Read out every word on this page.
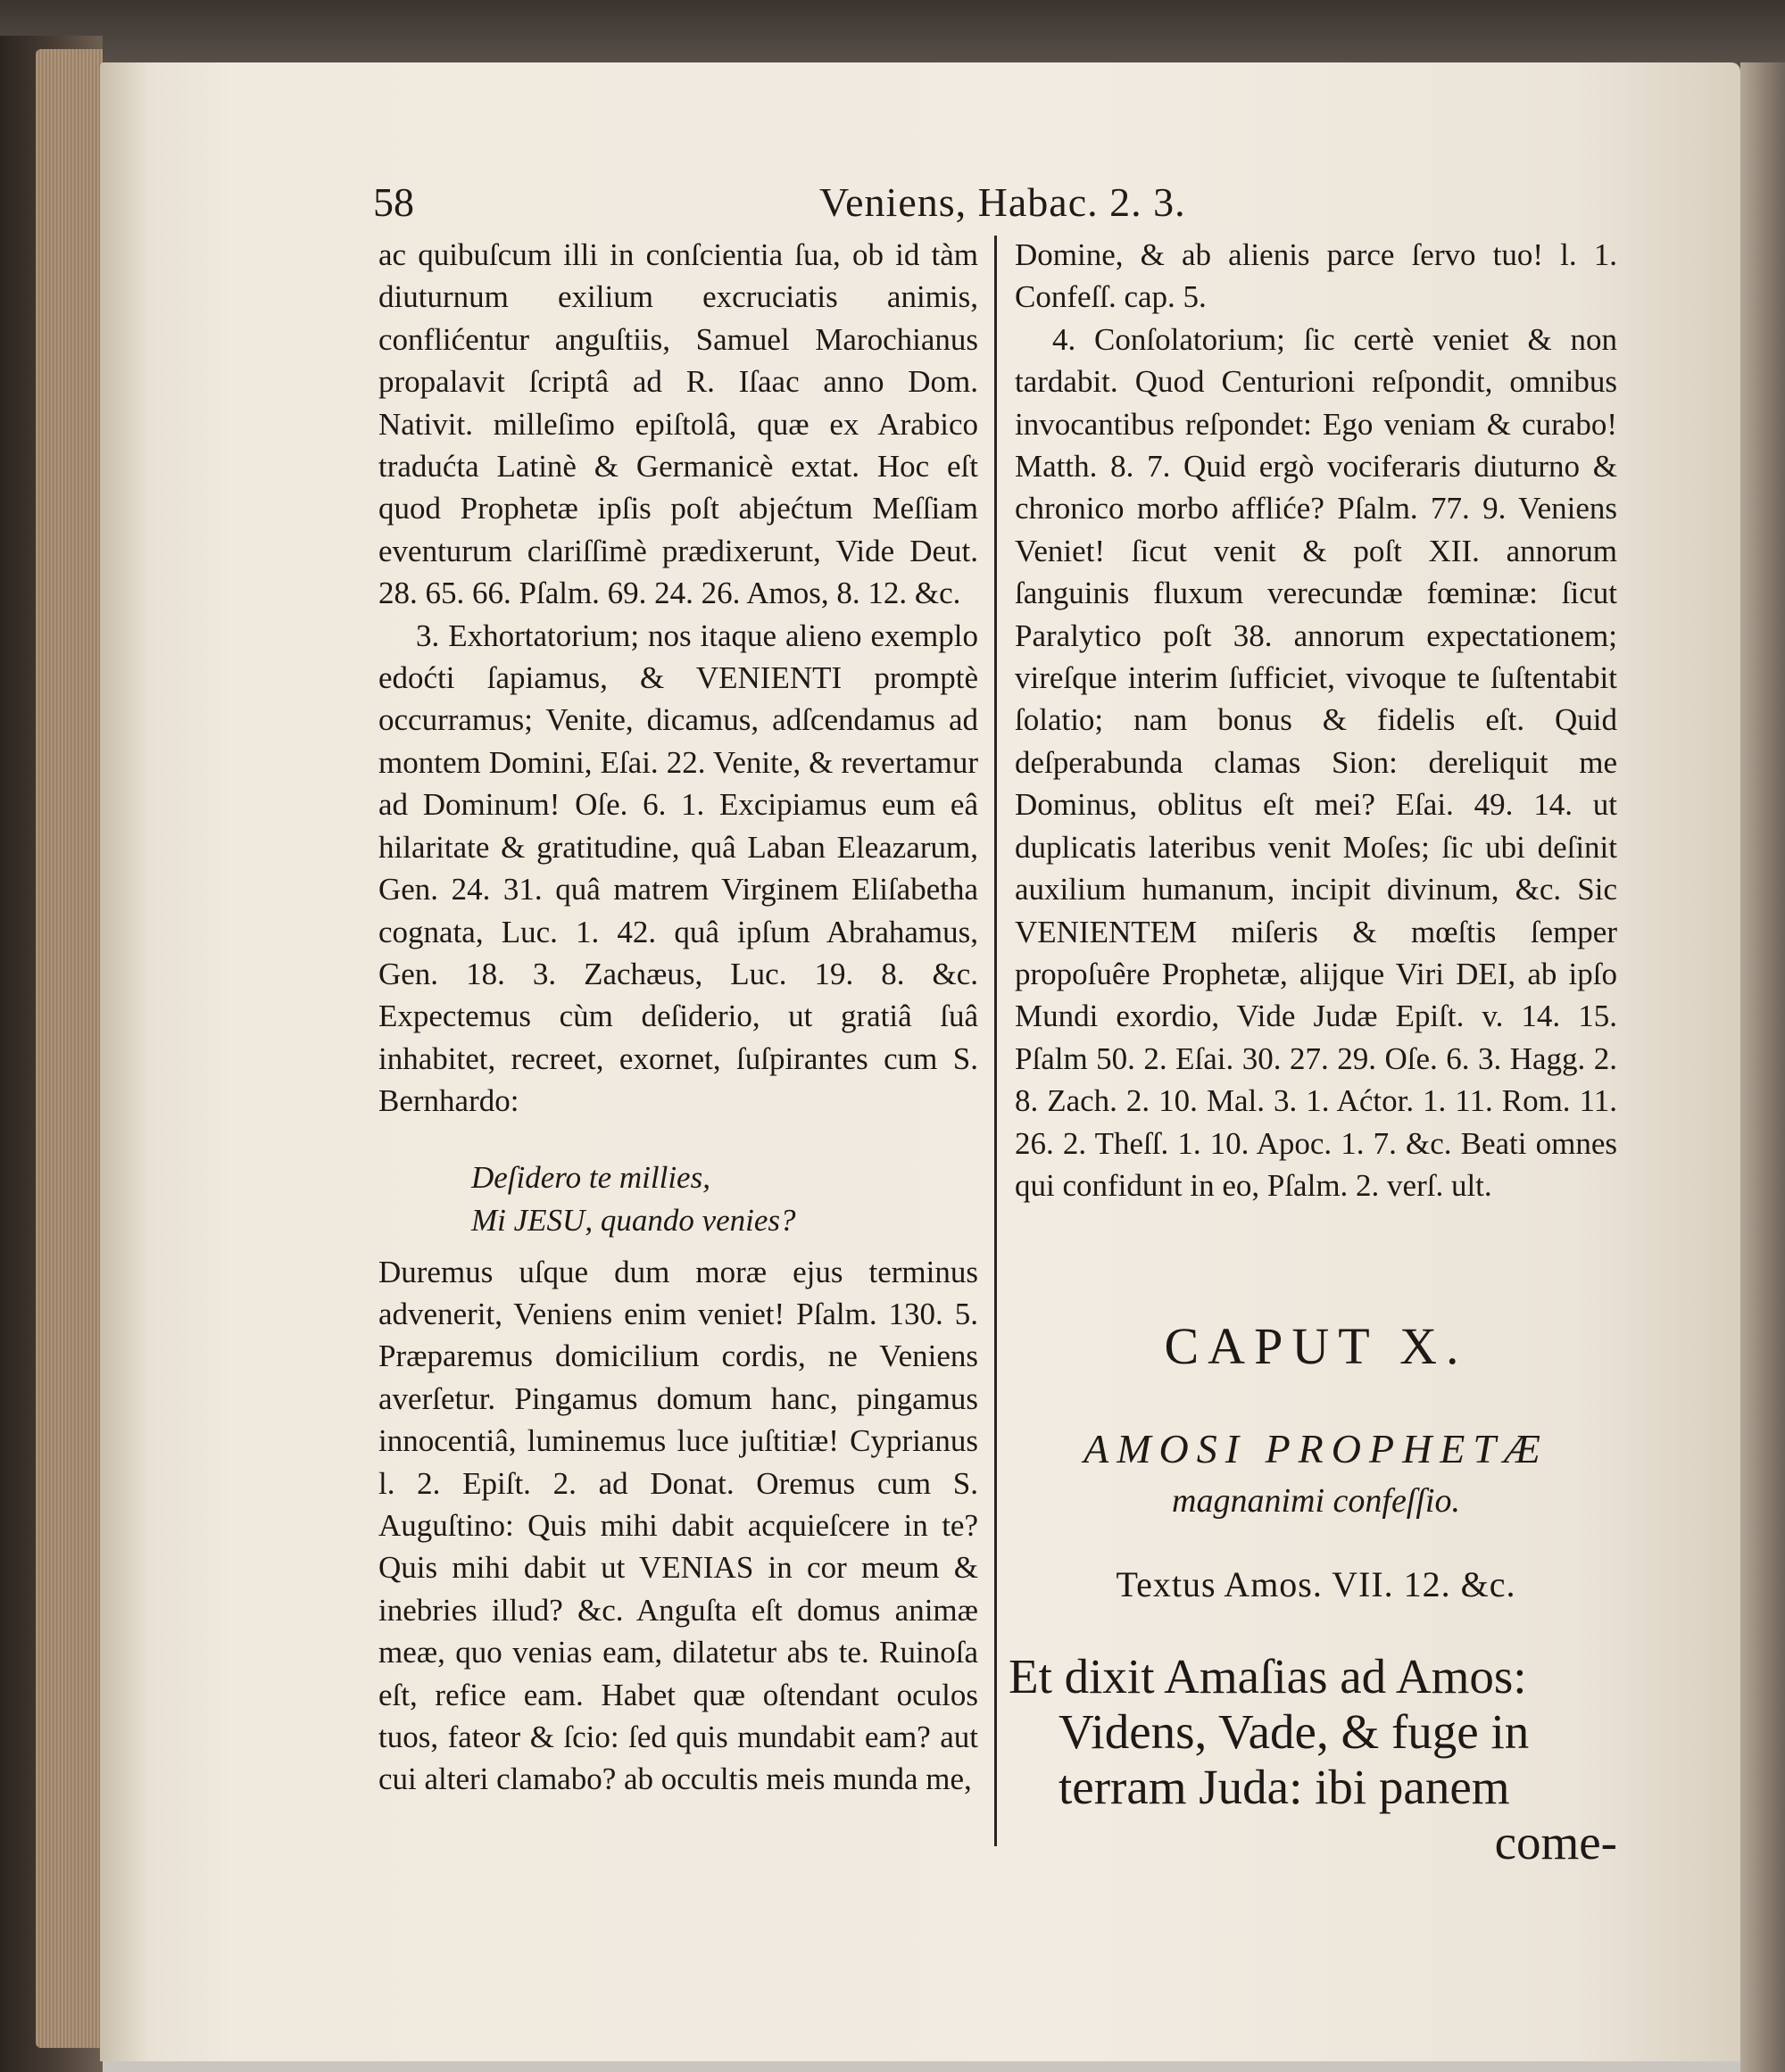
58	Veniens, Habac. 2. 3.

ac quibuſcum illi in conſcientia ſua, ob id tàm diuturnum exilium excruciatis animis, conflićentur anguſtiis, Samuel Marochianus propalavit ſcriptâ ad R. Iſaac anno Dom. Nativit. milleſimo epiſtolâ, quæ ex Arabico tradućta Latinè & Germanicè extat. Hoc eſt quod Prophetæ ipſis poſt abjećtum Meſſiam eventurum clariſſimè prædixerunt, Vide Deut. 28. 65. 66. Pſalm. 69. 24. 26. Amos, 8. 12. &c.

3. Exhortatorium; nos itaque alieno exemplo edoćti ſapiamus, & VENIENTI promptè occurramus; Venite, dicamus, adſcendamus ad montem Domini, Eſai. 22. Venite, & revertamur ad Dominum! Oſe. 6. 1. Excipiamus eum eâ hilaritate & gratitudine, quâ Laban Eleazarum, Gen. 24. 31. quâ matrem Virginem Eliſabetha cognata, Luc. 1. 42. quâ ipſum Abrahamus, Gen. 18. 3. Zachæus, Luc. 19. 8. &c. Expectemus cùm deſiderio, ut gratiâ ſuâ inhabitet, recreet, exornet, ſuſpirantes cum S. Bernhardo:

Deſidero te millies,
Mi JESU, quando venies?

Duremus uſque dum moræ ejus terminus advenerit, Veniens enim veniet! Pſalm. 130. 5. Præparemus domicilium cordis, ne Veniens averſetur. Pingamus domum hanc, pingamus innocentiâ, luminemus luce juſtitiæ! Cyprianus l. 2. Epiſt. 2. ad Donat. Oremus cum S. Auguſtino: Quis mihi dabit acquieſcere in te? Quis mihi dabit ut VENIAS in cor meum & inebries illud? &c. Anguſta eſt domus animæ meæ, quo venias eam, dilatetur abs te. Ruinoſa eſt, refice eam. Habet quæ oſtendant oculos tuos, fateor & ſcio: ſed quis mundabit eam? aut cui alteri clamabo? ab occultis meis munda me,

Domine, & ab alienis parce ſervo tuo! l. 1. Confeſſ. cap. 5.

4. Conſolatorium; ſic certè veniet & non tardabit. Quod Centurioni reſpondit, omnibus invocantibus reſpondet: Ego veniam & curabo! Matth. 8. 7. Quid ergò vociferaris diuturno & chronico morbo affliće? Pſalm. 77. 9. Veniens Veniet! ſicut venit & poſt XII. annorum ſanguinis fluxum verecundæ fœminæ: ſicut Paralytico poſt 38. annorum expectationem; vireſque interim ſufficiet, vivoque te ſuſtentabit ſolatio; nam bonus & fidelis eſt. Quid deſperabunda clamas Sion: dereliquit me Dominus, oblitus eſt mei? Eſai. 49. 14. ut duplicatis lateribus venit Moſes; ſic ubi deſinit auxilium humanum, incipit divinum, &c. Sic VENIENTEM miſeris & mœſtis ſemper propoſuêre Prophetæ, alijque Viri DEI, ab ipſo Mundi exordio, Vide Judæ Epiſt. v. 14. 15. Pſalm 50. 2. Eſai. 30. 27. 29. Oſe. 6. 3. Hagg. 2. 8. Zach. 2. 10. Mal. 3. 1. Aćtor. 1. 11. Rom. 11. 26. 2. Theſſ. 1. 10. Apoc. 1. 7. &c. Beati omnes qui confidunt in eo, Pſalm. 2. verſ. ult.

CAPUT X.
AMOSI PROPHETÆ
magnanimi confeſſio.
Textus Amos. VII. 12. &c.
Et dixit Amaſias ad Amos:
Videns, Vade, & fuge in
terram Juda: ibi panem
come-
